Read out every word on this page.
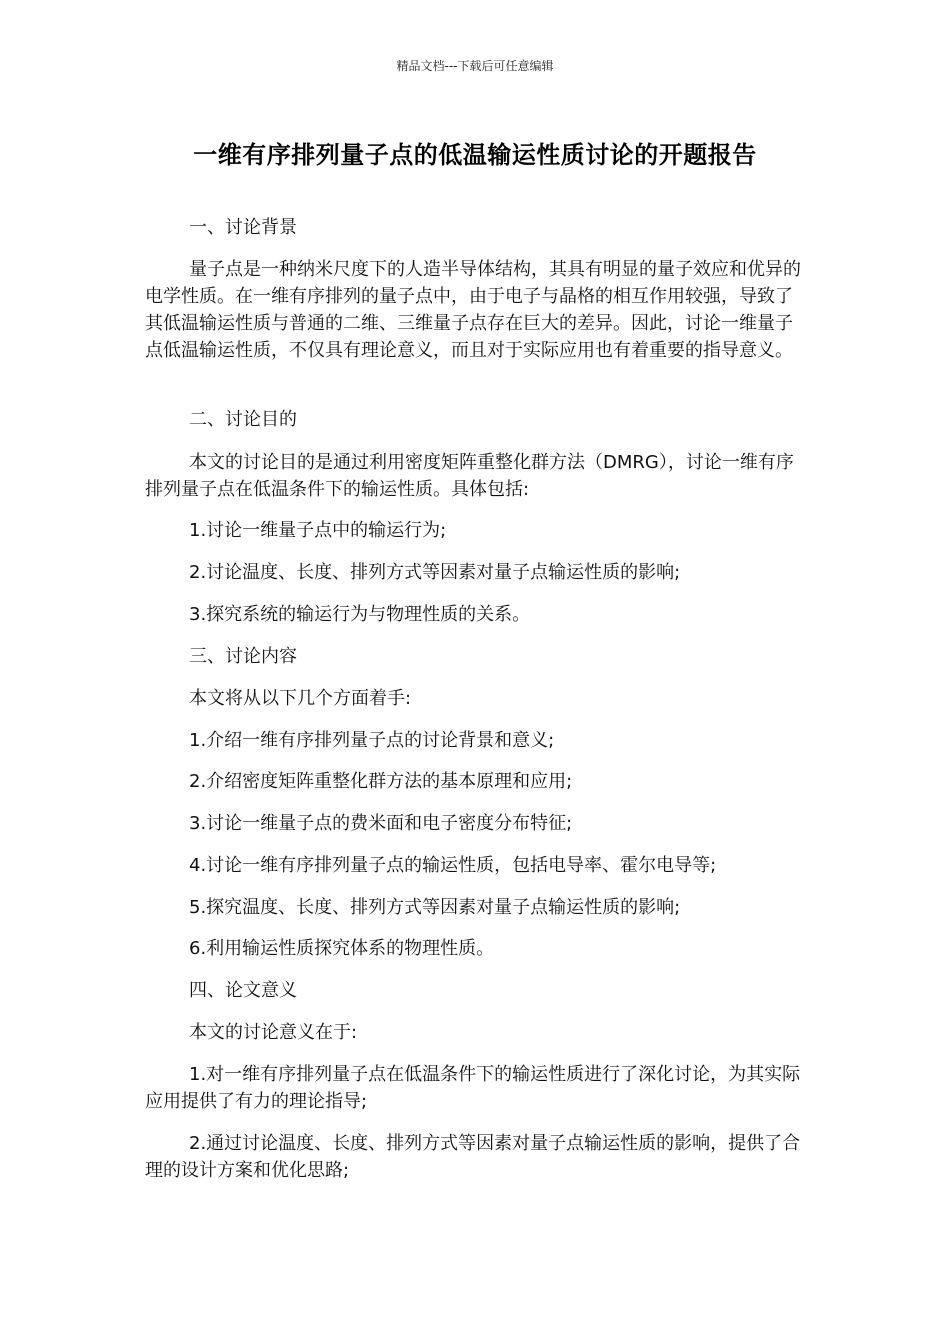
精品文档---下载后可任意编辑
一维有序排列量子点的低温输运性质讨论的开题报告
一、讨论背景
量子点是一种纳米尺度下的人造半导体结构，其具有明显的量子效应和优异的电学性质。在一维有序排列的量子点中，由于电子与晶格的相互作用较强，导致了其低温输运性质与普通的二维、三维量子点存在巨大的差异。因此，讨论一维量子点低温输运性质，不仅具有理论意义，而且对于实际应用也有着重要的指导意义。
二、讨论目的
本文的讨论目的是通过利用密度矩阵重整化群方法（DMRG），讨论一维有序排列量子点在低温条件下的输运性质。具体包括:
1.讨论一维量子点中的输运行为;
2.讨论温度、长度、排列方式等因素对量子点输运性质的影响;
3.探究系统的输运行为与物理性质的关系。
三、讨论内容
本文将从以下几个方面着手:
1.介绍一维有序排列量子点的讨论背景和意义;
2.介绍密度矩阵重整化群方法的基本原理和应用;
3.讨论一维量子点的费米面和电子密度分布特征;
4.讨论一维有序排列量子点的输运性质，包括电导率、霍尔电导等;
5.探究温度、长度、排列方式等因素对量子点输运性质的影响;
6.利用输运性质探究体系的物理性质。
四、论文意义
本文的讨论意义在于:
1.对一维有序排列量子点在低温条件下的输运性质进行了深化讨论，为其实际应用提供了有力的理论指导;
2.通过讨论温度、长度、排列方式等因素对量子点输运性质的影响，提供了合理的设计方案和优化思路;
